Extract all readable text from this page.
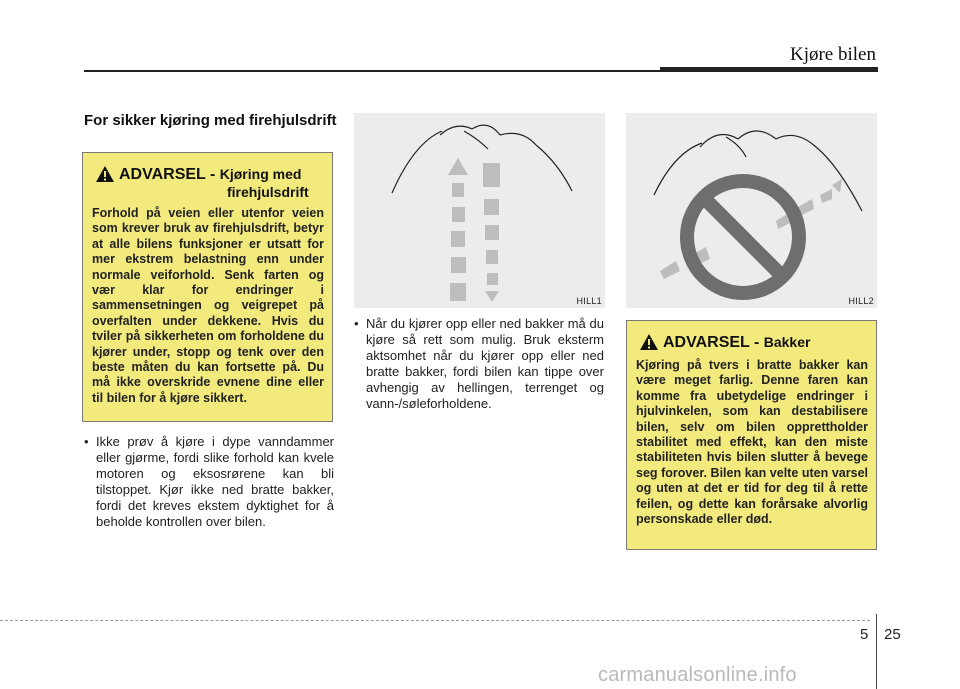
Kjøre bilen
For sikker kjøring med firehjulsdrift
ADVARSEL - Kjøring med
firehjulsdrift
Forhold på veien eller utenfor veien som krever bruk av firehjulsdrift, betyr at alle bilens funksjoner er utsatt for mer ekstrem belastning enn under normale veiforhold. Senk farten og vær klar for endringer i sammensetningen og veigrepet på overfalten under dekkene. Hvis du tviler på sikkerheten om forholdene du kjører under, stopp og tenk over den beste måten du kan fortsette på. Du må ikke overskride evnene dine eller til bilen for å kjøre sikkert.
• Ikke prøv å kjøre i dype vanndammer eller gjørme, fordi slike forhold kan kvele motoren og eksosrørene kan bli tilstoppet. Kjør ikke ned bratte bakker, fordi det kreves ekstem dyktighet for å beholde kontrollen over bilen.
HILL1
• Når du kjører opp eller ned bakker må du kjøre så rett som mulig. Bruk eksterm aktsomhet når du kjører opp eller ned bratte bakker, fordi bilen kan tippe over avhengig av hellingen, terrenget og vann-/søleforholdene.
HILL2
ADVARSEL - Bakker
Kjøring på tvers i bratte bakker kan være meget farlig. Denne faren kan komme fra ubetydelige endringer i hjulvinkelen, som kan destabilisere bilen, selv om bilen opprettholder stabilitet med effekt, kan den miste stabiliteten hvis bilen slutter å bevege seg forover. Bilen kan velte uten varsel og uten at det er tid for deg til å rette feilen, og dette kan forårsake alvorlig personskade eller død.
5 25
carmanualsonline.info
